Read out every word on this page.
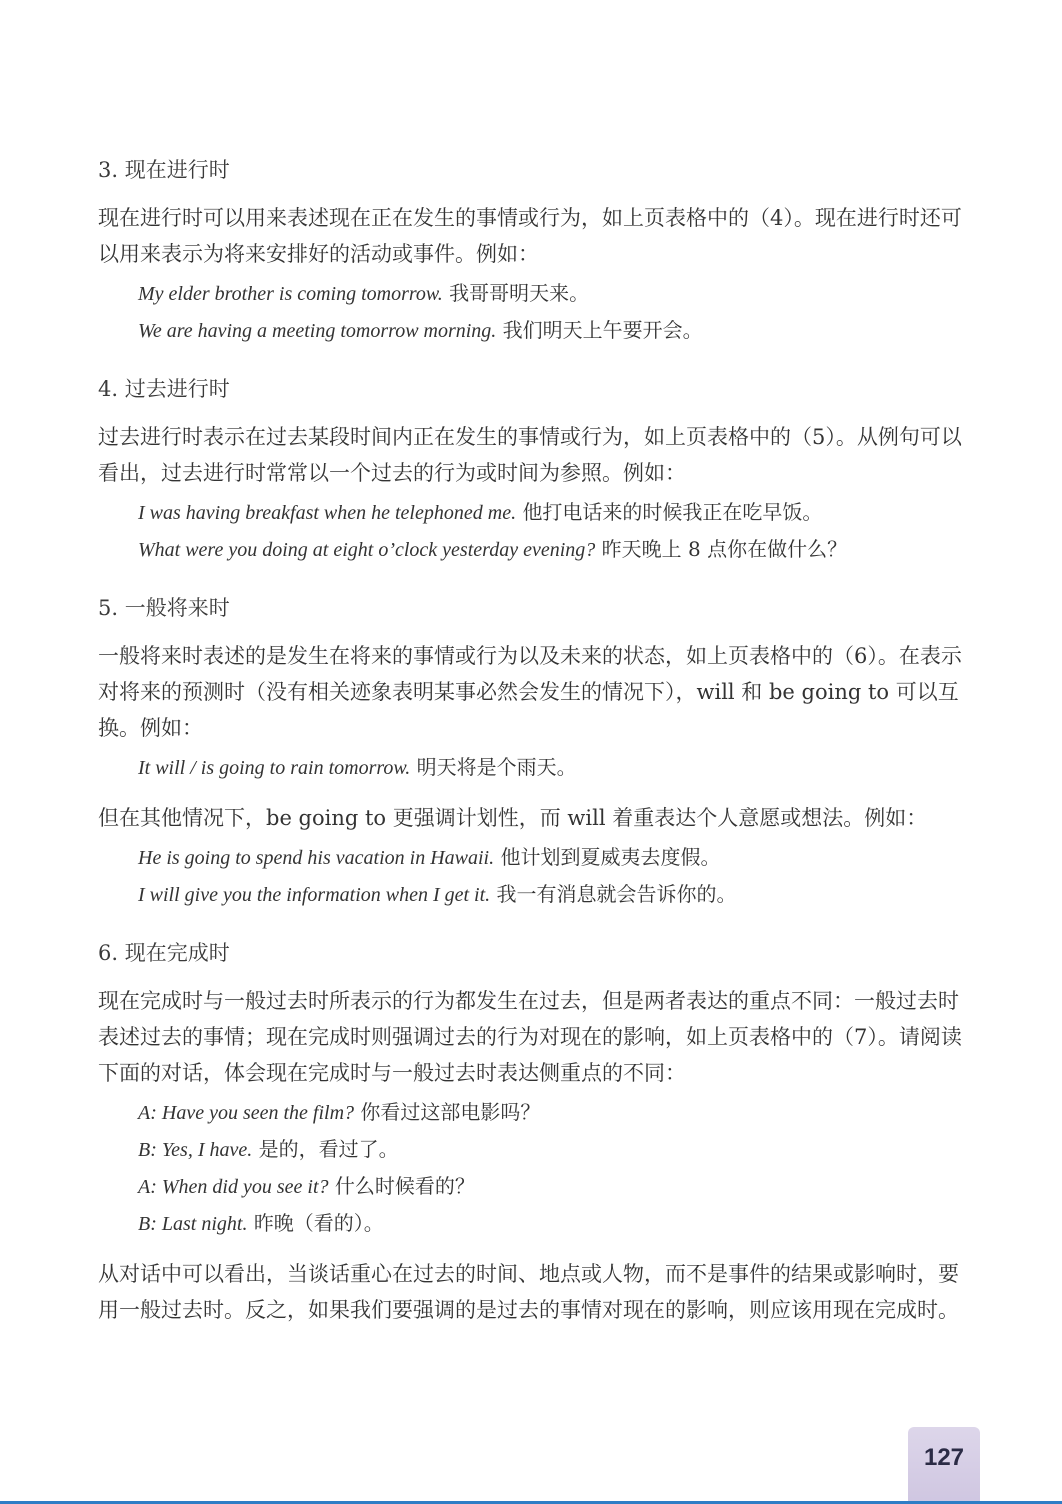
3. 现在进行时
现在进行时可以用来表述现在正在发生的事情或行为，如上页表格中的（4）。现在进行时还可以用来表示为将来安排好的活动或事件。例如：
My elder brother is coming tomorrow. 我哥哥明天来。
We are having a meeting tomorrow morning. 我们明天上午要开会。
4. 过去进行时
过去进行时表示在过去某段时间内正在发生的事情或行为，如上页表格中的（5）。从例句可以看出，过去进行时常常以一个过去的行为或时间为参照。例如：
I was having breakfast when he telephoned me. 他打电话来的时候我正在吃早饭。
What were you doing at eight o’clock yesterday evening? 昨天晚上 8 点你在做什么？
5. 一般将来时
一般将来时表述的是发生在将来的事情或行为以及未来的状态，如上页表格中的（6）。在表示对将来的预测时（没有相关迹象表明某事必然会发生的情况下），will 和 be going to 可以互换。例如：
It will / is going to rain tomorrow. 明天将是个雨天。
但在其他情况下，be going to 更强调计划性，而 will 着重表达个人意愿或想法。例如：
He is going to spend his vacation in Hawaii. 他计划到夏威夷去度假。
I will give you the information when I get it. 我一有消息就会告诉你的。
6. 现在完成时
现在完成时与一般过去时所表示的行为都发生在过去，但是两者表达的重点不同：一般过去时表述过去的事情；现在完成时则强调过去的行为对现在的影响，如上页表格中的（7）。请阅读下面的对话，体会现在完成时与一般过去时表达侧重点的不同：
A: Have you seen the film? 你看过这部电影吗？
B: Yes, I have. 是的，看过了。
A: When did you see it? 什么时候看的？
B: Last night. 昨晚（看的）。
从对话中可以看出，当谈话重心在过去的时间、地点或人物，而不是事件的结果或影响时，要用一般过去时。反之，如果我们要强调的是过去的事情对现在的影响，则应该用现在完成时。
127
